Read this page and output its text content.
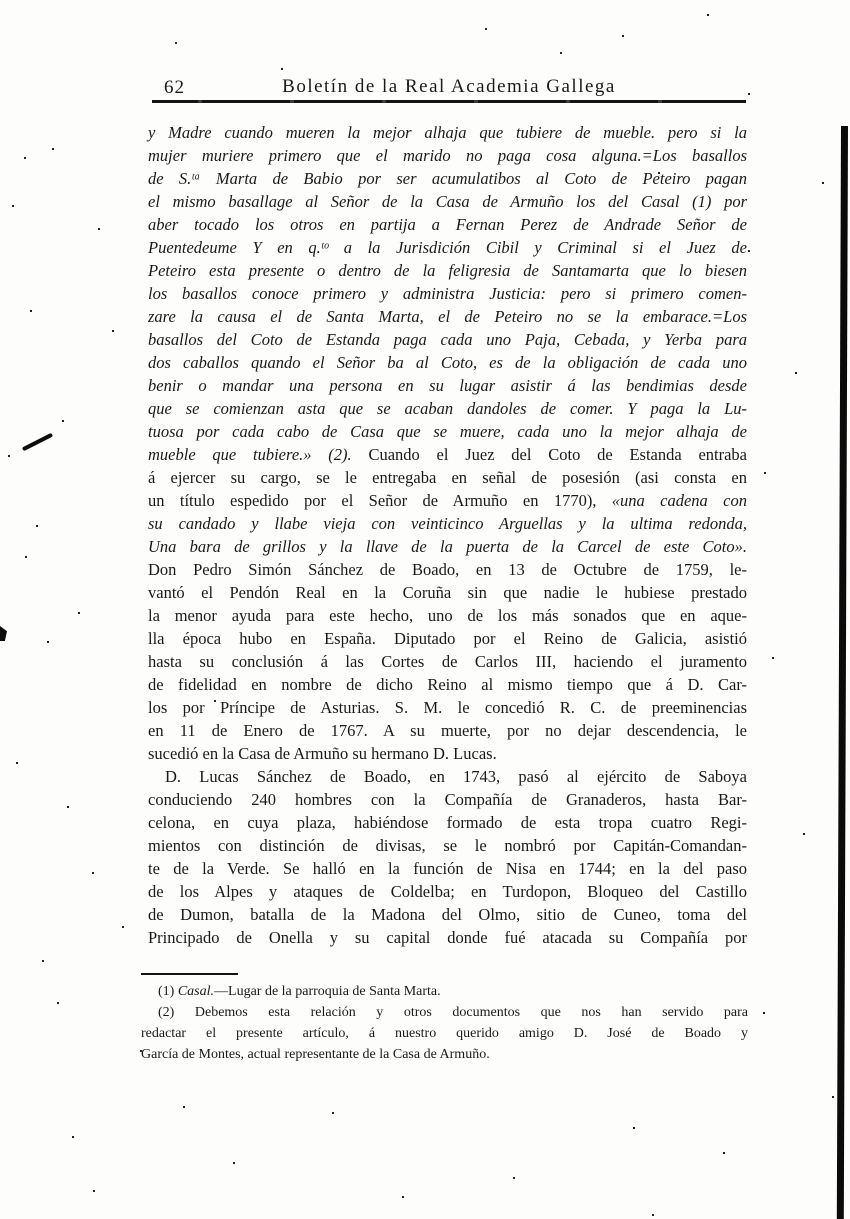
62	Boletín de la Real Academia Gallega
y Madre cuando mueren la mejor alhaja que tubiere de mueble. pero si la
mujer muriere primero que el marido no paga cosa alguna.=Los basallos
de S.ᵗᵃ Marta de Babio por ser acumulatibos al Coto de Peteiro pagan
el mismo basallage al Señor de la Casa de Armuño los del Casal (1) por
aber tocado los otros en partija a Fernan Perez de Andrade Señor de
Puentedeume Y en q.ᵗᵒ a la Jurisdición Cibil y Criminal si el Juez de
Peteiro esta presente o dentro de la feligresia de Santamarta que lo biesen
los basallos conoce primero y administra Justicia: pero si primero comen-
zare la causa el de Santa Marta, el de Peteiro no se la embarace.=Los
basallos del Coto de Estanda paga cada uno Paja, Cebada, y Yerba para
dos caballos quando el Señor ba al Coto, es de la obligación de cada uno
benir o mandar una persona en su lugar asistir á las bendimias desde
que se comienzan asta que se acaban dandoles de comer. Y paga la Lu-
tuosa por cada cabo de Casa que se muere, cada uno la mejor alhaja de
mueble que tubiere.» (2). Cuando el Juez del Coto de Estanda entraba
á ejercer su cargo, se le entregaba en señal de posesión (asi consta en
un título espedido por el Señor de Armuño en 1770), «una cadena con
su candado y llabe vieja con veinticinco Arguellas y la ultima redonda,
Una bara de grillos y la llave de la puerta de la Carcel de este Coto».
Don Pedro Simón Sánchez de Boado, en 13 de Octubre de 1759, le-
vantó el Pendón Real en la Coruña sin que nadie le hubiese prestado
la menor ayuda para este hecho, uno de los más sonados que en aque-
lla época hubo en España. Diputado por el Reino de Galicia, asistió
hasta su conclusión á las Cortes de Carlos III, haciendo el juramento
de fidelidad en nombre de dicho Reino al mismo tiempo que á D. Car-
los por Príncipe de Asturias. S. M. le concedió R. C. de preeminencias
en 11 de Enero de 1767. A su muerte, por no dejar descendencia, le
sucedió en la Casa de Armuño su hermano D. Lucas.
D. Lucas Sánchez de Boado, en 1743, pasó al ejército de Saboya
conduciendo 240 hombres con la Compañía de Granaderos, hasta Bar-
celona, en cuya plaza, habiéndose formado de esta tropa cuatro Regi-
mientos con distinción de divisas, se le nombró por Capitán-Comandan-
te de la Verde. Se halló en la función de Nisa en 1744; en la del paso
de los Alpes y ataques de Coldelba; en Turdopon, Bloqueo del Castillo
de Dumon, batalla de la Madona del Olmo, sitio de Cuneo, toma del
Principado de Onella y su capital donde fué atacada su Compañía por
(1) Casal.—Lugar de la parroquia de Santa Marta.
(2) Debemos esta relación y otros documentos que nos han servido para
redactar el presente artículo, á nuestro querido amigo D. José de Boado y
García de Montes, actual representante de la Casa de Armuño.
